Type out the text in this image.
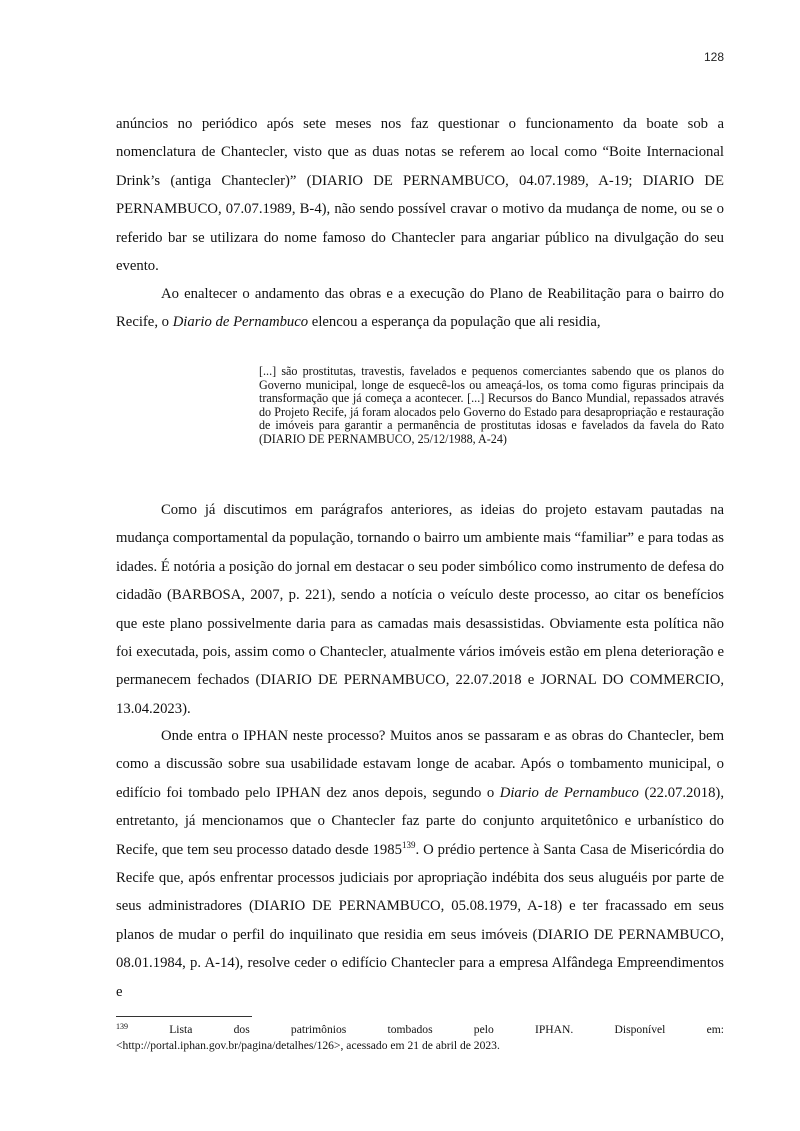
128

anúncios no periódico após sete meses nos faz questionar o funcionamento da boate sob a nomenclatura de Chantecler, visto que as duas notas se referem ao local como “Boite Internacional Drink’s (antiga Chantecler)” (DIARIO DE PERNAMBUCO, 04.07.1989, A-19; DIARIO DE PERNAMBUCO, 07.07.1989, B-4), não sendo possível cravar o motivo da mudança de nome, ou se o referido bar se utilizara do nome famoso do Chantecler para angariar público na divulgação do seu evento.

Ao enaltecer o andamento das obras e a execução do Plano de Reabilitação para o bairro do Recife, o Diario de Pernambuco elencou a esperança da população que ali residia,

[...] são prostitutas, travestis, favelados e pequenos comerciantes sabendo que os planos do Governo municipal, longe de esquecê-los ou ameaçá-los, os toma como figuras principais da transformação que já começa a acontecer. [...] Recursos do Banco Mundial, repassados através do Projeto Recife, já foram alocados pelo Governo do Estado para desapropriação e restauração de imóveis para garantir a permanência de prostitutas idosas e favelados da favela do Rato (DIARIO DE PERNAMBUCO, 25/12/1988, A-24)

Como já discutimos em parágrafos anteriores, as ideias do projeto estavam pautadas na mudança comportamental da população, tornando o bairro um ambiente mais “familiar” e para todas as idades. É notória a posição do jornal em destacar o seu poder simbólico como instrumento de defesa do cidadão (BARBOSA, 2007, p. 221), sendo a notícia o veículo deste processo, ao citar os benefícios que este plano possivelmente daria para as camadas mais desassistidas. Obviamente esta política não foi executada, pois, assim como o Chantecler, atualmente vários imóveis estão em plena deterioração e permanecem fechados (DIARIO DE PERNAMBUCO, 22.07.2018 e JORNAL DO COMMERCIO, 13.04.2023).

Onde entra o IPHAN neste processo? Muitos anos se passaram e as obras do Chantecler, bem como a discussão sobre sua usabilidade estavam longe de acabar. Após o tombamento municipal, o edifício foi tombado pelo IPHAN dez anos depois, segundo o Diario de Pernambuco (22.07.2018), entretanto, já mencionamos que o Chantecler faz parte do conjunto arquitetônico e urbanístico do Recife, que tem seu processo datado desde 1985$^{139}$. O prédio pertence à Santa Casa de Misericórdia do Recife que, após enfrentar processos judiciais por apropriação indébita dos seus aluguéis por parte de seus administradores (DIARIO DE PERNAMBUCO, 05.08.1979, A-18) e ter fracassado em seus planos de mudar o perfil do inquilinato que residia em seus imóveis (DIARIO DE PERNAMBUCO, 08.01.1984, p. A-14), resolve ceder o edifício Chantecler para a empresa Alfândega Empreendimentos e

139	Lista	dos	patrimônios	tombados	pelo	IPHAN.	Disponível	em:
<http://portal.iphan.gov.br/pagina/detalhes/126>, acessado em 21 de abril de 2023.
